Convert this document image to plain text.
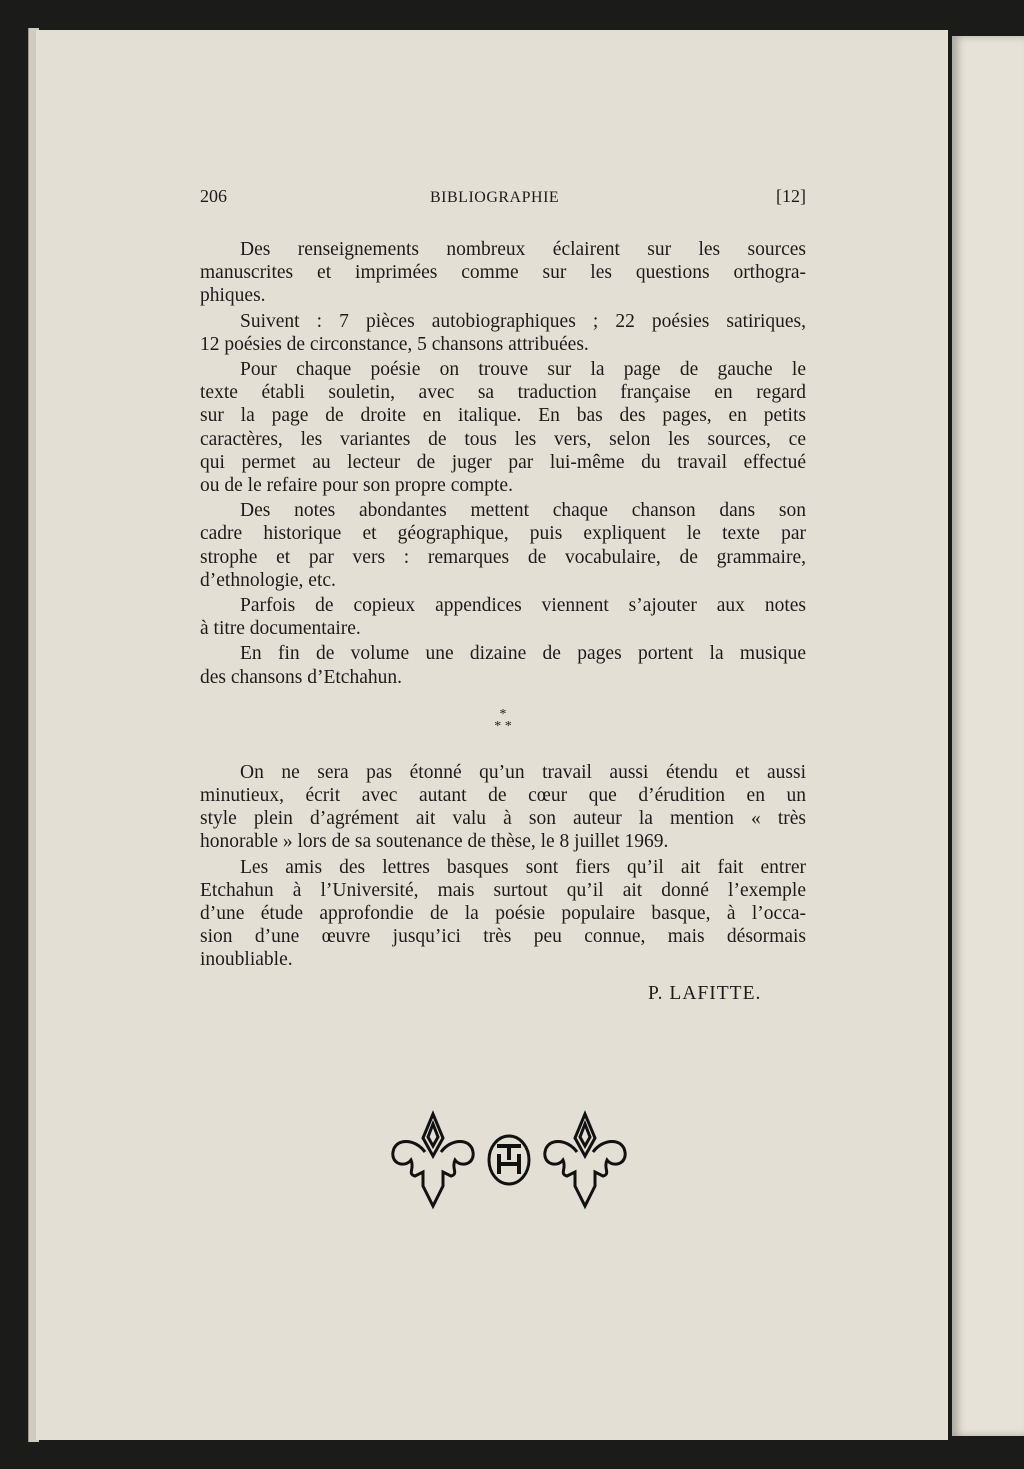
206	BIBLIOGRAPHIE	[12]
Des renseignements nombreux éclairent sur les sources
manuscrites et imprimées comme sur les questions orthogra-
phiques.
Suivent : 7 pièces autobiographiques ; 22 poésies satiriques,
12 poésies de circonstance, 5 chansons attribuées.
Pour chaque poésie on trouve sur la page de gauche le
texte établi souletin, avec sa traduction française en regard
sur la page de droite en italique. En bas des pages, en petits
caractères, les variantes de tous les vers, selon les sources, ce
qui permet au lecteur de juger par lui-même du travail effectué
ou de le refaire pour son propre compte.
Des notes abondantes mettent chaque chanson dans son
cadre historique et géographique, puis expliquent le texte par
strophe et par vers : remarques de vocabulaire, de grammaire,
d’ethnologie, etc.
Parfois de copieux appendices viennent s’ajouter aux notes
à titre documentaire.
En fin de volume une dizaine de pages portent la musique
des chansons d’Etchahun.
*
* *
On ne sera pas étonné qu’un travail aussi étendu et aussi
minutieux, écrit avec autant de cœur que d’érudition en un
style plein d’agrément ait valu à son auteur la mention « très
honorable » lors de sa soutenance de thèse, le 8 juillet 1969.
Les amis des lettres basques sont fiers qu’il ait fait entrer
Etchahun à l’Université, mais surtout qu’il ait donné l’exemple
d’une étude approfondie de la poésie populaire basque, à l’occa-
sion d’une œuvre jusqu’ici très peu connue, mais désormais
inoubliable.
P. LAFITTE.
